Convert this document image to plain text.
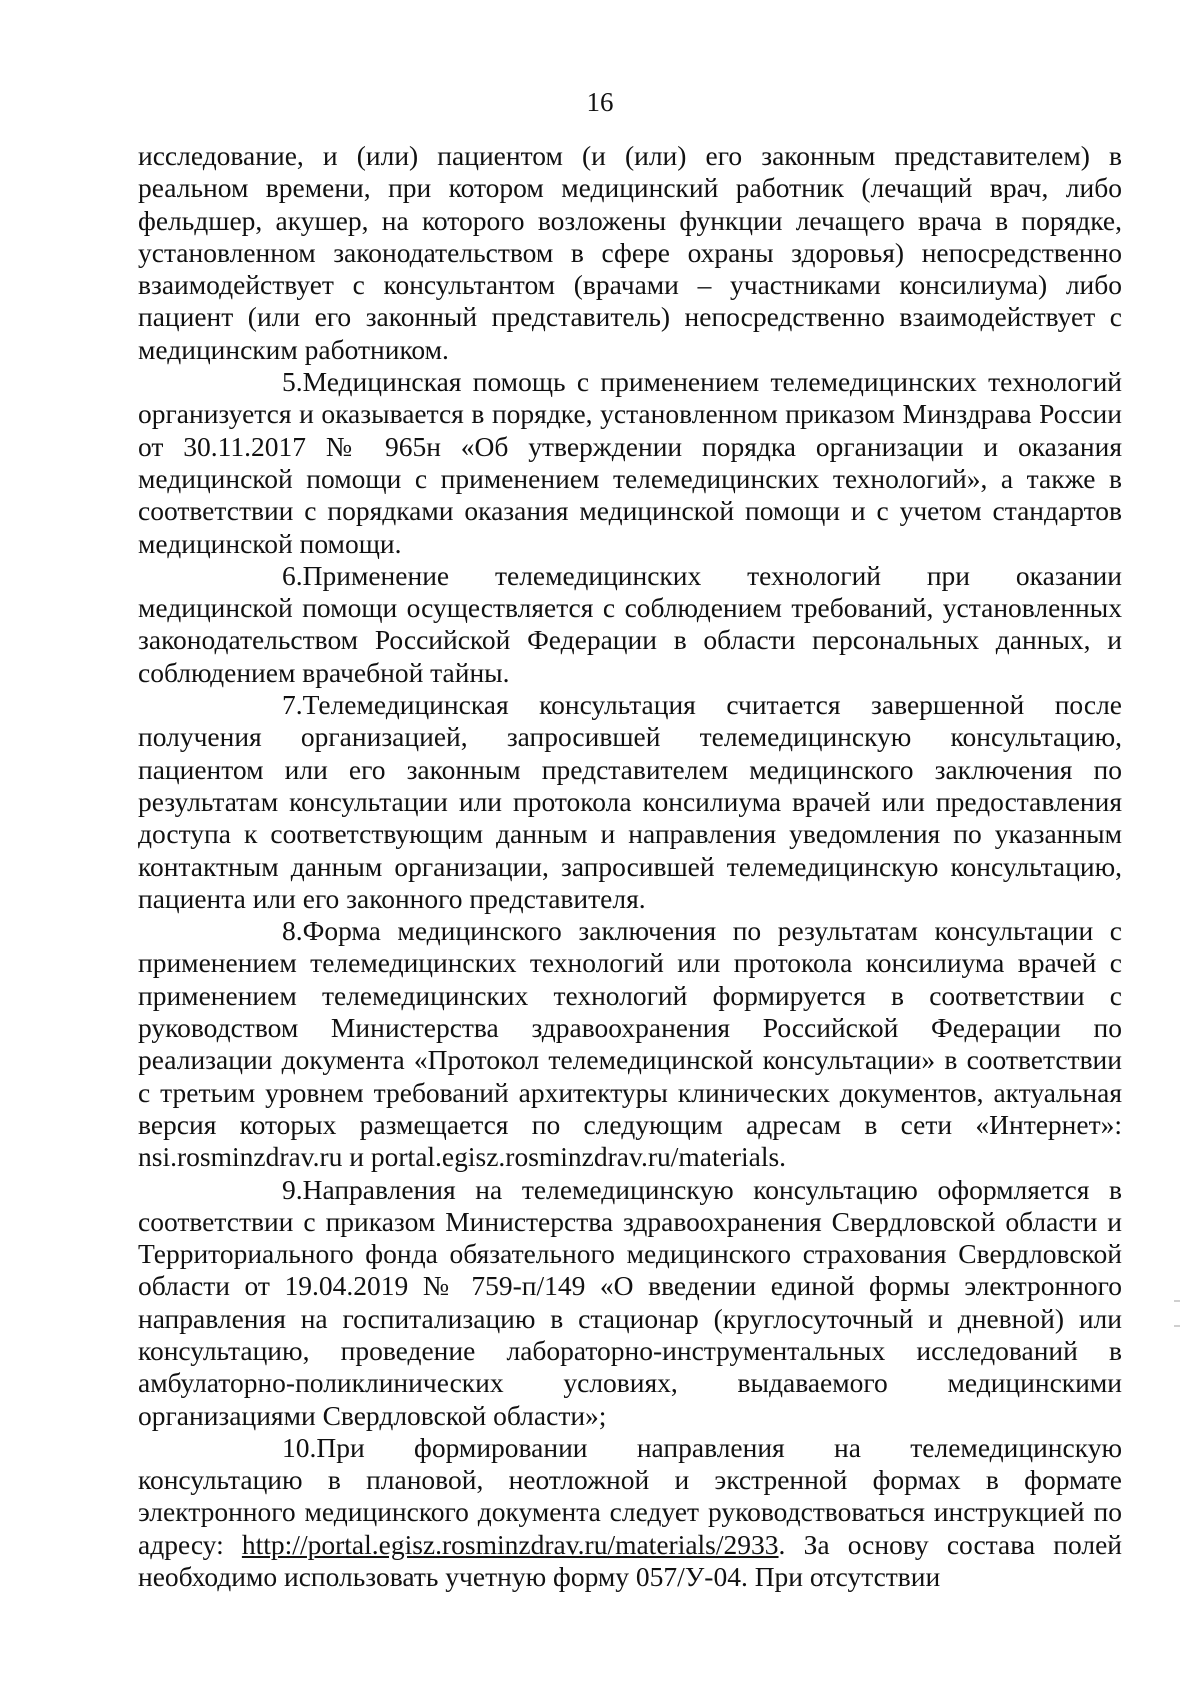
16

исследование, и (или) пациентом (и (или) его законным представителем) в реальном времени, при котором медицинский работник (лечащий врач, либо фельдшер, акушер, на которого возложены функции лечащего врача в порядке, установленном законодательством в сфере охраны здоровья) непосредственно взаимодействует с консультантом (врачами – участниками консилиума) либо пациент (или его законный представитель) непосредственно взаимодействует с медицинским работником.

5.Медицинская помощь с применением телемедицинских технологий организуется и оказывается в порядке, установленном приказом Минздрава России от 30.11.2017 № 965н «Об утверждении порядка организации и оказания медицинской помощи с применением телемедицинских технологий», а также в соответствии с порядками оказания медицинской помощи и с учетом стандартов медицинской помощи.

6.Применение телемедицинских технологий при оказании медицинской помощи осуществляется с соблюдением требований, установленных законодательством Российской Федерации в области персональных данных, и соблюдением врачебной тайны.

7.Телемедицинская консультация считается завершенной после получения организацией, запросившей телемедицинскую консультацию, пациентом или его законным представителем медицинского заключения по результатам консультации или протокола консилиума врачей или предоставления доступа к соответствующим данным и направления уведомления по указанным контактным данным организации, запросившей телемедицинскую консультацию, пациента или его законного представителя.

8.Форма медицинского заключения по результатам консультации с применением телемедицинских технологий или протокола консилиума врачей с применением телемедицинских технологий формируется в соответствии с руководством Министерства здравоохранения Российской Федерации по реализации документа «Протокол телемедицинской консультации» в соответствии с третьим уровнем требований архитектуры клинических документов, актуальная версия которых размещается по следующим адресам в сети «Интернет»: nsi.rosminzdrav.ru и portal.egisz.rosminzdrav.ru/materials.

9.Направления на телемедицинскую консультацию оформляется в соответствии с приказом Министерства здравоохранения Свердловской области и Территориального фонда обязательного медицинского страхования Свердловской области от 19.04.2019 № 759-п/149 «О введении единой формы электронного направления на госпитализацию в стационар (круглосуточный и дневной) или консультацию, проведение лабораторно-инструментальных исследований в амбулаторно-поликлинических условиях, выдаваемого медицинскими организациями Свердловской области»;

10.При формировании направления на телемедицинскую консультацию в плановой, неотложной и экстренной формах в формате электронного медицинского документа следует руководствоваться инструкцией по адресу: http://portal.egisz.rosminzdrav.ru/materials/2933. За основу состава полей необходимо использовать учетную форму 057/У-04. При отсутствии
